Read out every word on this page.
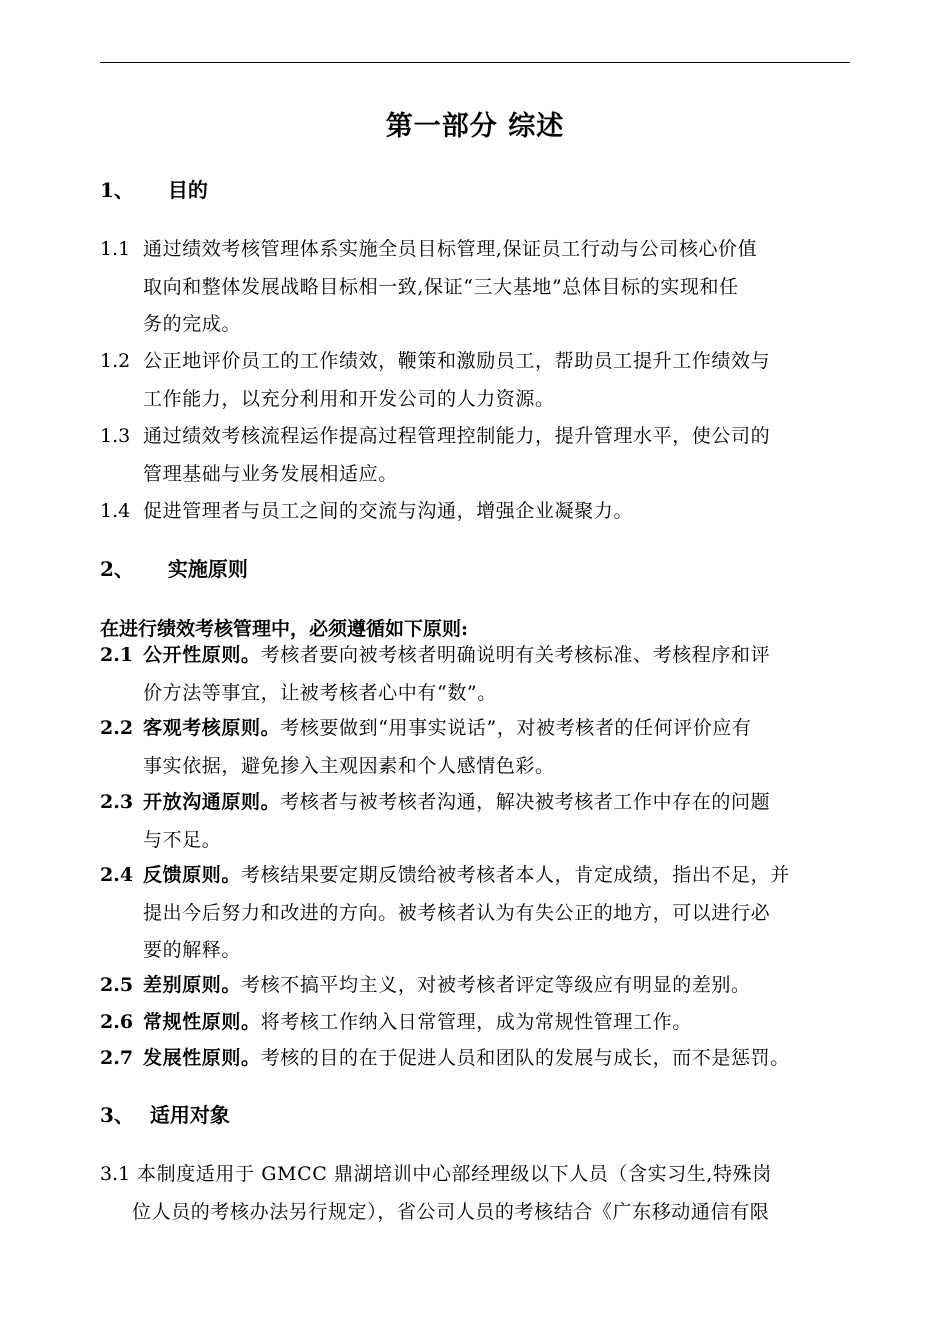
第一部分 综述
1、 目的
1.1 通过绩效考核管理体系实施全员目标管理,保证员工行动与公司核心价值
取向和整体发展战略目标相一致,保证“三大基地”总体目标的实现和任
务的完成。
1.2 公正地评价员工的工作绩效，鞭策和激励员工，帮助员工提升工作绩效与
工作能力，以充分利用和开发公司的人力资源。
1.3 通过绩效考核流程运作提高过程管理控制能力，提升管理水平，使公司的
管理基础与业务发展相适应。
1.4 促进管理者与员工之间的交流与沟通，增强企业凝聚力。
2、 实施原则
在进行绩效考核管理中，必须遵循如下原则:
2.1 公开性原则。考核者要向被考核者明确说明有关考核标准、考核程序和评
价方法等事宜，让被考核者心中有“数”。
2.2 客观考核原则。考核要做到“用事实说话”，对被考核者的任何评价应有
事实依据，避免掺入主观因素和个人感情色彩。
2.3 开放沟通原则。考核者与被考核者沟通，解决被考核者工作中存在的问题
与不足。
2.4 反馈原则。考核结果要定期反馈给被考核者本人，肯定成绩，指出不足，并
提出今后努力和改进的方向。被考核者认为有失公正的地方，可以进行必
要的解释。
2.5 差别原则。考核不搞平均主义，对被考核者评定等级应有明显的差别。
2.6 常规性原则。将考核工作纳入日常管理，成为常规性管理工作。
2.7 发展性原则。考核的目的在于促进人员和团队的发展与成长，而不是惩罚。
3、 适用对象
3.1 本制度适用于 GMCC 鼎湖培训中心部经理级以下人员（含实习生,特殊岗
位人员的考核办法另行规定），省公司人员的考核结合《广东移动通信有限
